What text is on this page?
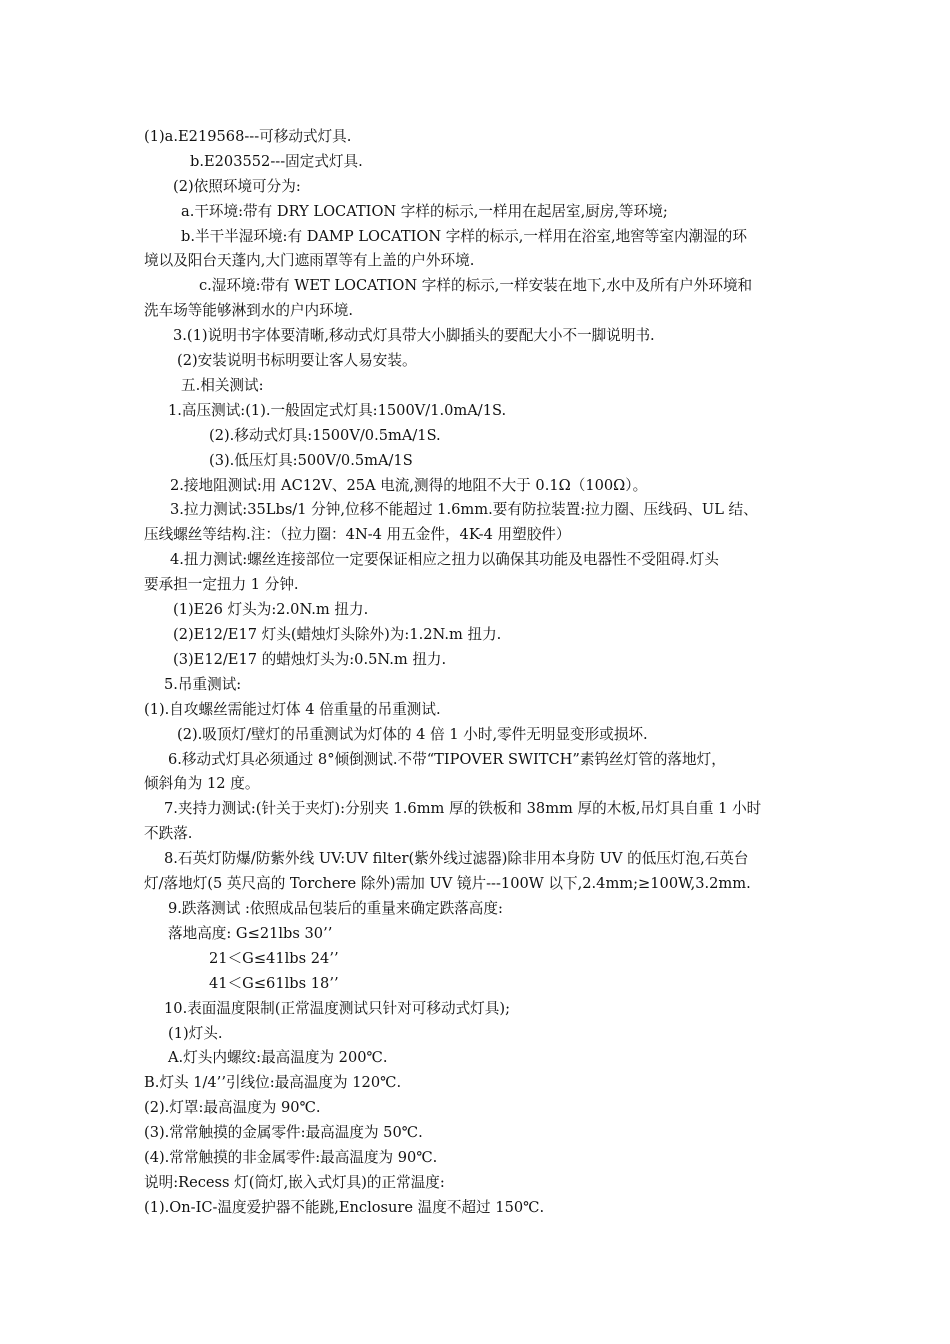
(1)a.E219568---可移动式灯具.
b.E203552---固定式灯具.
(2)依照环境可分为:
a.干环境:带有 DRY LOCATION 字样的标示,一样用在起居室,厨房,等环境;
b.半干半湿环境:有 DAMP LOCATION 字样的标示,一样用在浴室,地窖等室内潮湿的环
境以及阳台天蓬内,大门遮雨罩等有上盖的户外环境.
c.湿环境:带有 WET LOCATION 字样的标示,一样安装在地下,水中及所有户外环境和
洗车场等能够淋到水的户内环境.
3.(1)说明书字体要清晰,移动式灯具带大小脚插头的要配大小不一脚说明书.
(2)安装说明书标明要让客人易安装。
五.相关测试:
1.高压测试:(1).一般固定式灯具:1500V/1.0mA/1S.
(2).移动式灯具:1500V/0.5mA/1S.
(3).低压灯具:500V/0.5mA/1S
2.接地阻测试:用 AC12V、25A 电流,测得的地阻不大于 0.1Ω（100Ω）。
3.拉力测试:35Lbs/1 分钟,位移不能超过 1.6mm.要有防拉装置:拉力圈、压线码、UL 结、
压线螺丝等结构.注：（拉力圈：4N-4 用五金件，4K-4 用塑胶件）
4.扭力测试:螺丝连接部位一定要保证相应之扭力以确保其功能及电器性不受阻碍.灯头
要承担一定扭力 1 分钟.
(1)E26 灯头为:2.0N.m 扭力.
(2)E12/E17 灯头(蜡烛灯头除外)为:1.2N.m 扭力.
(3)E12/E17 的蜡烛灯头为:0.5N.m 扭力.
5.吊重测试:
(1).自攻螺丝需能过灯体 4 倍重量的吊重测试.
(2).吸顶灯/壁灯的吊重测试为灯体的 4 倍 1 小时,零件无明显变形或损坏.
6.移动式灯具必须通过 8°倾倒测试.不带“TIPOVER SWITCH”素钨丝灯管的落地灯，
倾斜角为 12 度。
7.夹持力测试:(针关于夹灯):分别夹 1.6mm 厚的铁板和 38mm 厚的木板,吊灯具自重 1 小时
不跌落.
8.石英灯防爆/防紫外线 UV:UV filter(紫外线过滤器)除非用本身防 UV 的低压灯泡,石英台
灯/落地灯(5 英尺高的 Torchere 除外)需加 UV 镜片---100W 以下,2.4mm;≥100W,3.2mm.
9.跌落测试 :依照成品包装后的重量来确定跌落高度:
落地高度: G≤21lbs 30’’
21＜G≤41lbs 24’’
41＜G≤61lbs 18’’
10.表面温度限制(正常温度测试只针对可移动式灯具);
(1)灯头.
A.灯头内螺纹:最高温度为 200℃.
B.灯头 1/4’’引线位:最高温度为 120℃.
(2).灯罩:最高温度为 90℃.
(3).常常触摸的金属零件:最高温度为 50℃.
(4).常常触摸的非金属零件:最高温度为 90℃.
说明:Recess 灯(筒灯,嵌入式灯具)的正常温度:
(1).On-IC-温度爱护器不能跳,Enclosure 温度不超过 150℃.
